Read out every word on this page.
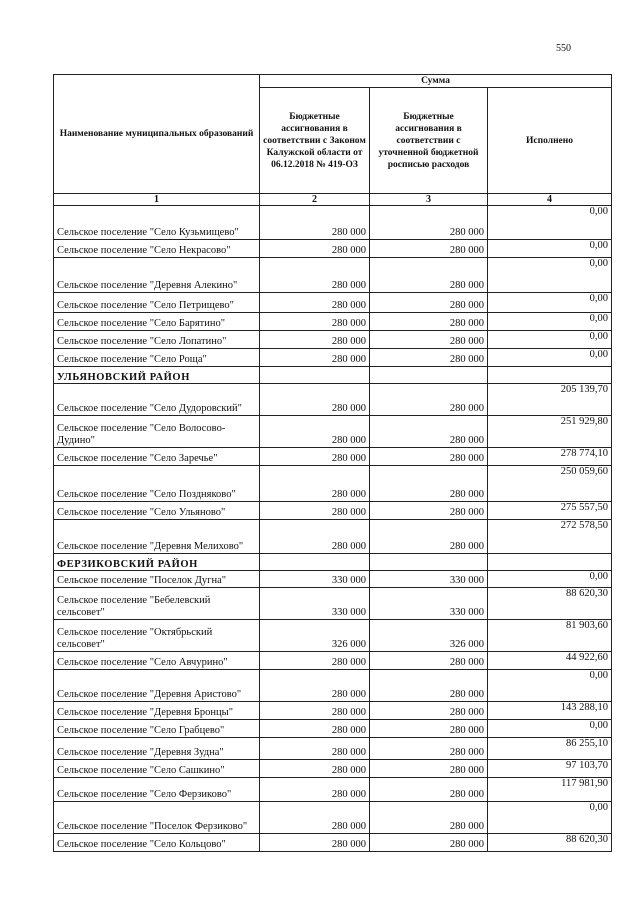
550
Наименование муниципальных образований	Сумма		
	Бюджетные ассигнования в соответствии с Законом Калужской области от 06.12.2018 № 419-ОЗ	Бюджетные ассигнования в соответствии с уточненной бюджетной росписью расходов	Исполнено
1	2	3	4
Сельское поселение "Село Кузьмищево"	280 000	280 000	0,00
Сельское поселение "Село Некрасово"	280 000	280 000	0,00
Сельское поселение "Деревня Алекино"	280 000	280 000	0,00
Сельское поселение "Село Петрищево"	280 000	280 000	0,00
Сельское поселение "Село Барятино"	280 000	280 000	0,00
Сельское поселение "Село Лопатино"	280 000	280 000	0,00
Сельское поселение "Село Роща"	280 000	280 000	0,00
УЛЬЯНОВСКИЙ РАЙОН			
Сельское поселение "Село Дудоровский"	280 000	280 000	205 139,70
Сельское поселение "Село Волосово-Дудино"	280 000	280 000	251 929,80
Сельское поселение "Село Заречье"	280 000	280 000	278 774,10
Сельское поселение "Село Поздняково"	280 000	280 000	250 059,60
Сельское поселение "Село Ульяново"	280 000	280 000	275 557,50
Сельское поселение "Деревня Мелихово"	280 000	280 000	272 578,50
ФЕРЗИКОВСКИЙ РАЙОН			
Сельское поселение "Поселок Дугна"	330 000	330 000	0,00
Сельское поселение "Бебелевский сельсовет"	330 000	330 000	88 620,30
Сельское поселение "Октябрьский сельсовет"	326 000	326 000	81 903,60
Сельское поселение "Село Авчурино"	280 000	280 000	44 922,60
Сельское поселение "Деревня Аристово"	280 000	280 000	0,00
Сельское поселение "Деревня Бронцы"	280 000	280 000	143 288,10
Сельское поселение "Село Грабцево"	280 000	280 000	0,00
Сельское поселение "Деревня Зудна"	280 000	280 000	86 255,10
Сельское поселение "Село Сашкино"	280 000	280 000	97 103,70
Сельское поселение "Село Ферзиково"	280 000	280 000	117 981,90
Сельское поселение "Поселок Ферзиково"	280 000	280 000	0,00
Сельское поселение "Село Кольцово"	280 000	280 000	88 620,30
